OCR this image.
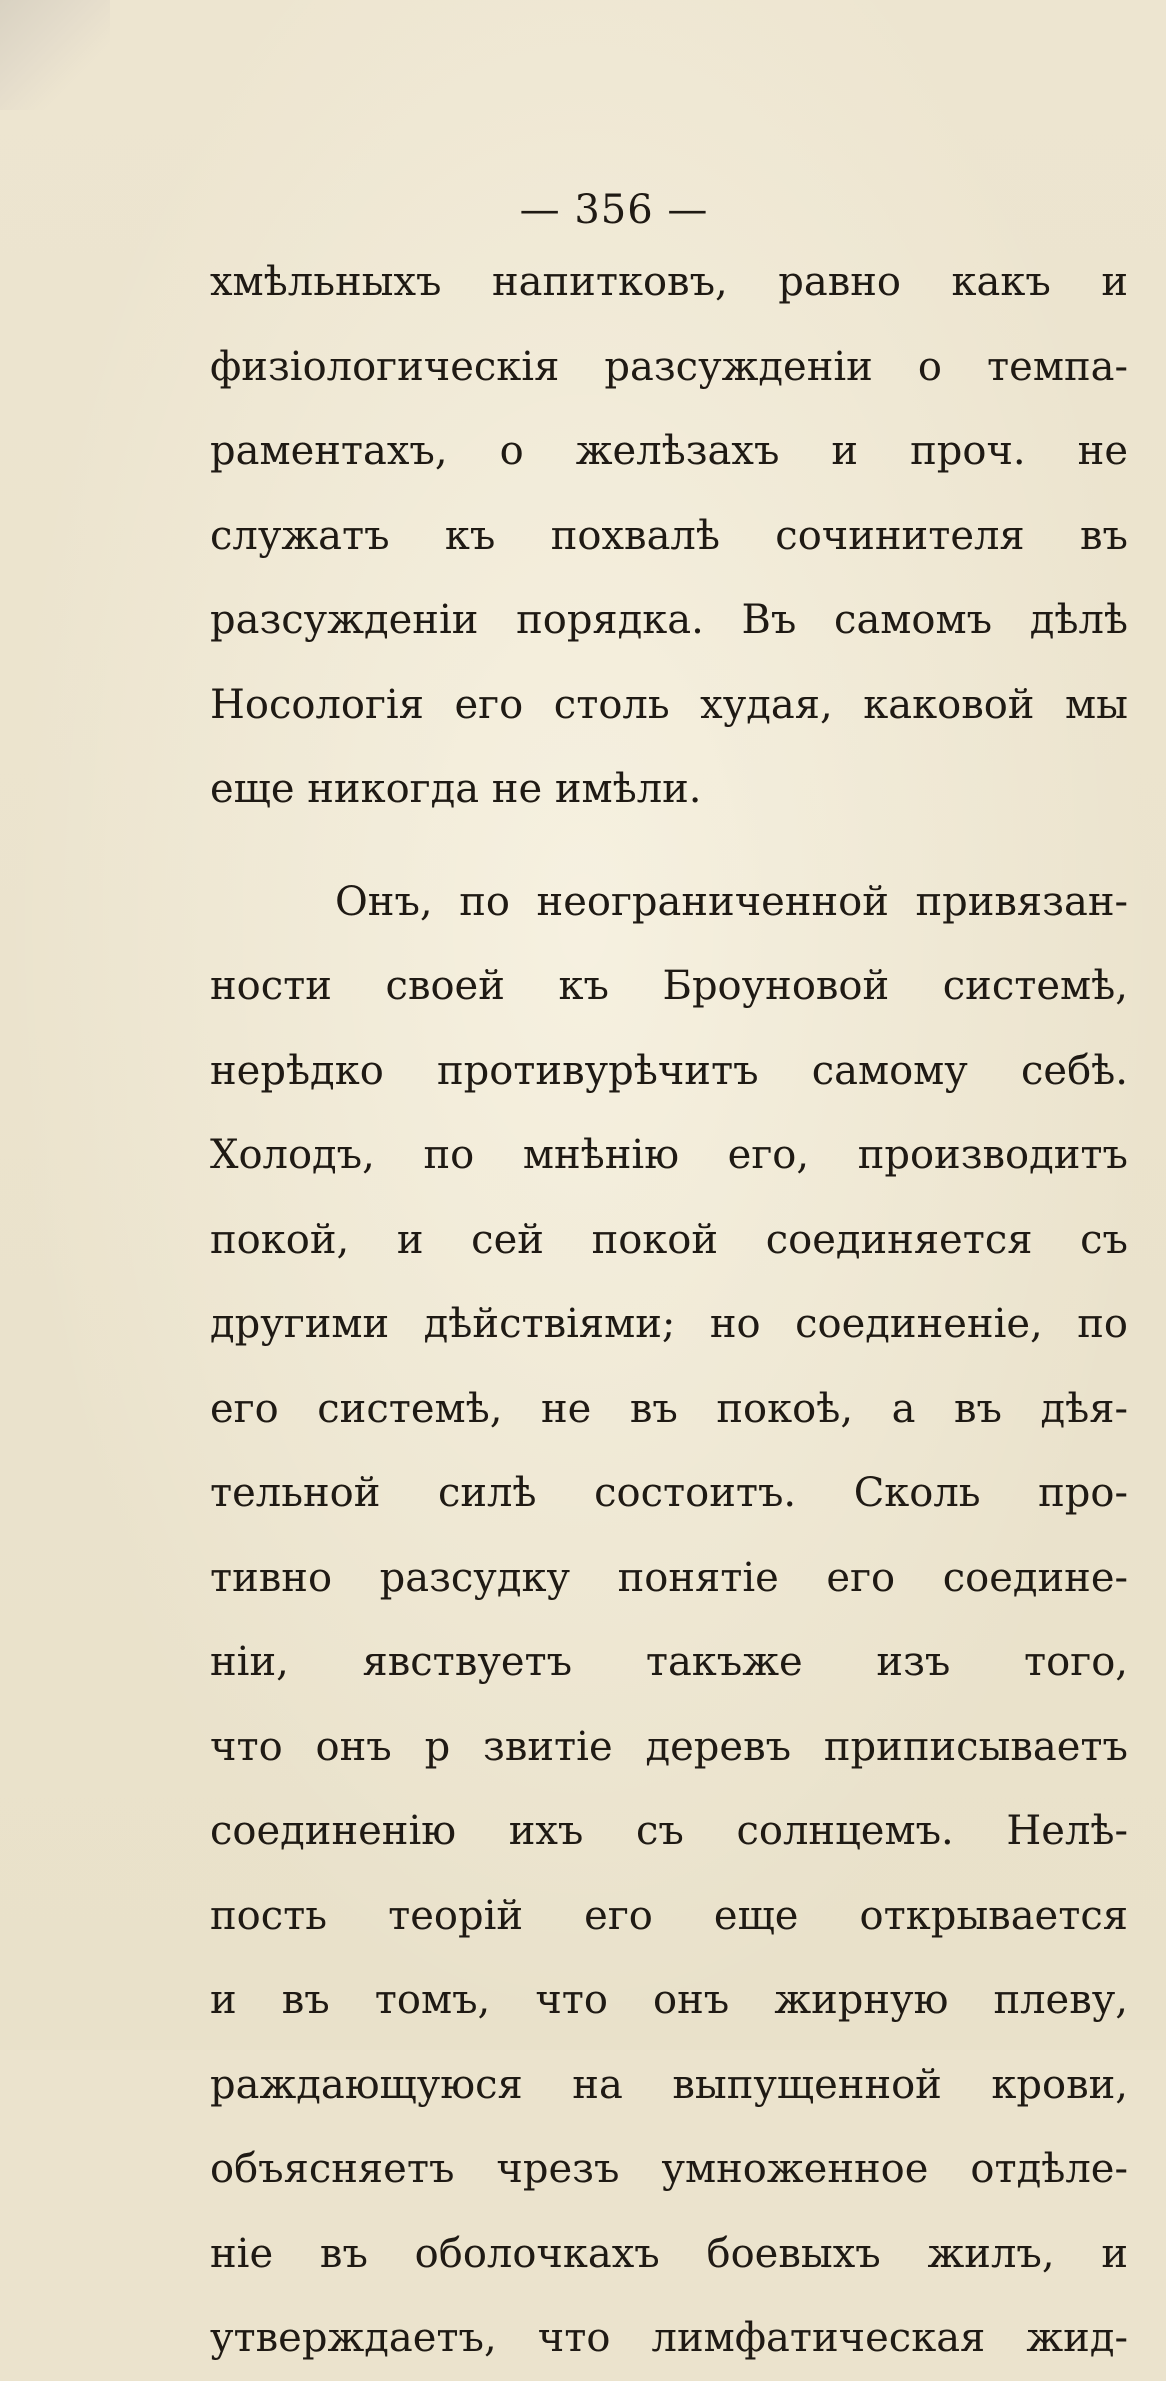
— 356 —
хмѣльныхъ напитковъ, равно какъ и
физіологическія разсужденіи о темпа-
раментахъ, о желѣзахъ и проч. не
служатъ къ похвалѣ сочинителя въ
разсужденіи порядка. Въ самомъ дѣлѣ
Носологія его столь худая, каковой мы
еще никогда не имѣли.
Онъ, по неограниченной привязан-
ности своей къ Броуновой системѣ,
нерѣдко противурѣчитъ самому себѣ.
Холодъ, по мнѣнію его, производитъ
покой, и сей покой соединяется съ
другими дѣйствіями; но соединеніе, по
его системѣ, не въ покоѣ, а въ дѣя-
тельной силѣ состоитъ. Сколь про-
тивно разсудку понятіе его соедине-
ніи, явствуетъ такъже изъ того,
что онъ р звитіе деревъ приписываетъ
соединенію ихъ съ солнцемъ. Нелѣ-
пость теорій его еще открывается
и въ томъ, что онъ жирную плеву,
раждающуюся на выпущенной крови,
объясняетъ чрезъ умноженное отдѣле-
ніе въ оболочкахъ боевыхъ жилъ, и
утверждаетъ, что лимфатическая жид-
